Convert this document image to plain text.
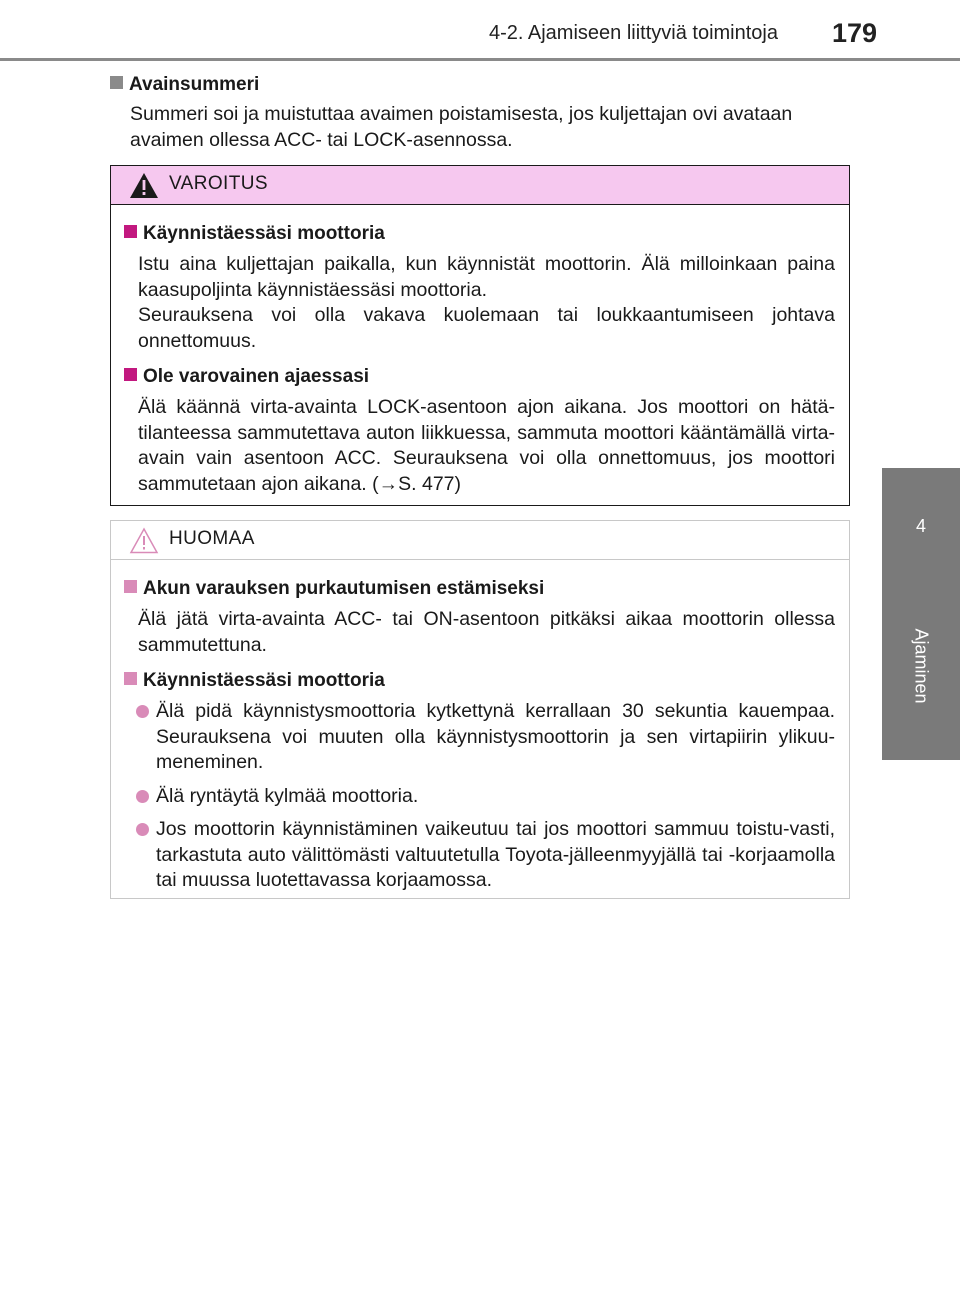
4-2. Ajamiseen liittyviä toimintoja 179
4
Ajaminen
Avainsummeri

Summeri soi ja muistuttaa avaimen poistamisesta, jos kuljettajan ovi avataan avaimen ollessa ACC- tai LOCK-asennossa.

VAROITUS
Käynnistäessäsi moottoria

Istu aina kuljettajan paikalla, kun käynnistät moottorin. Älä milloinkaan paina kaasupoljinta käynnistäessäsi moottoria.

Seurauksena voi olla vakava kuolemaan tai loukkaantumiseen johtava onnettomuus.

Ole varovainen ajaessasi

Älä käännä virta-avainta LOCK-asentoon ajon aikana. Jos moottori on hätä-tilanteessa sammutettava auton liikkuessa, sammuta moottori kääntämällä virta-avain vain asentoon ACC. Seurauksena voi olla onnettomuus, jos moottori sammutetaan ajon aikana. (→S. 477)

HUOMAA
Akun varauksen purkautumisen estämiseksi

Älä jätä virta-avainta ACC- tai ON-asentoon pitkäksi aikaa moottorin ollessa sammutettuna.

Käynnistäessäsi moottoria
Älä pidä käynnistysmoottoria kytkettynä kerrallaan 30 sekuntia kauempaa. Seurauksena voi muuten olla käynnistysmoottorin ja sen virtapiirin ylikuu-meneminen.
Älä ryntäytä kylmää moottoria.
Jos moottorin käynnistäminen vaikeutuu tai jos moottori sammuu toistu-vasti, tarkastuta auto välittömästi valtuutetulla Toyota-jälleenmyyjällä tai -korjaamolla tai muussa luotettavassa korjaamossa.
